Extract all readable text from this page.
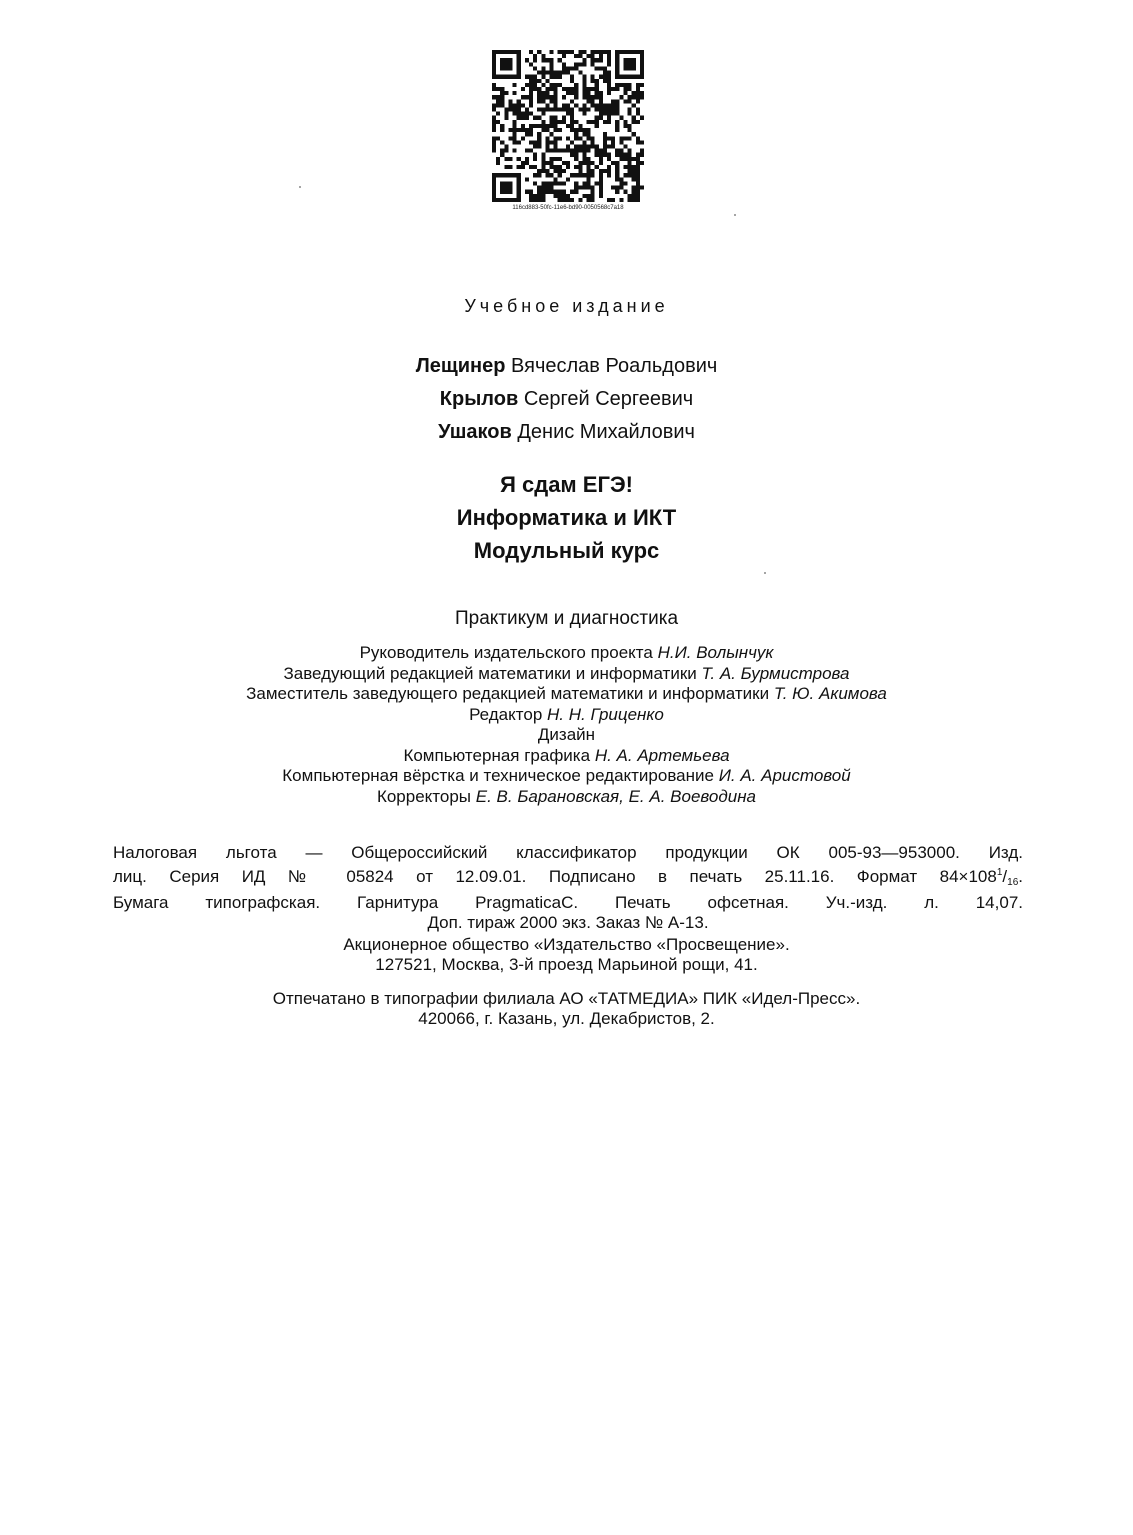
116cd883-50fc-11e6-bd90-0050568c7a18
Учебное издание
Лещинер Вячеслав Роальдович
Крылов Сергей Сергеевич
Ушаков Денис Михайлович
Я сдам ЕГЭ!
Информатика и ИКТ
Модульный курс
Практикум и диагностика
Руководитель издательского проекта Н.И. Волынчук
Заведующий редакцией математики и информатики Т. А. Бурмистрова
Заместитель заведующего редакцией математики и информатики Т. Ю. Акимова
Редактор Н. Н. Гриценко
Дизайн
Компьютерная графика Н. А. Артемьева
Компьютерная вёрстка и техническое редактирование И. А. Аристовой
Корректоры Е. В. Барановская, Е. А. Воеводина
Налоговая льгота — Общероссийский классификатор продукции ОК 005-93—953000. Изд.
лиц. Серия ИД № 05824 от 12.09.01. Подписано в печать 25.11.16. Формат $84\times 108^1/_{16}$.
Бумага типографская. Гарнитура PragmaticaC. Печать офсетная. Уч.-изд. л. 14,07.
Доп. тираж 2000 экз. Заказ № А-13.
Акционерное общество «Издательство «Просвещение».
127521, Москва, 3-й проезд Марьиной рощи, 41.
Отпечатано в типографии филиала АО «ТАТМЕДИА» ПИК «Идел-Пресс».
420066, г. Казань, ул. Декабристов, 2.
